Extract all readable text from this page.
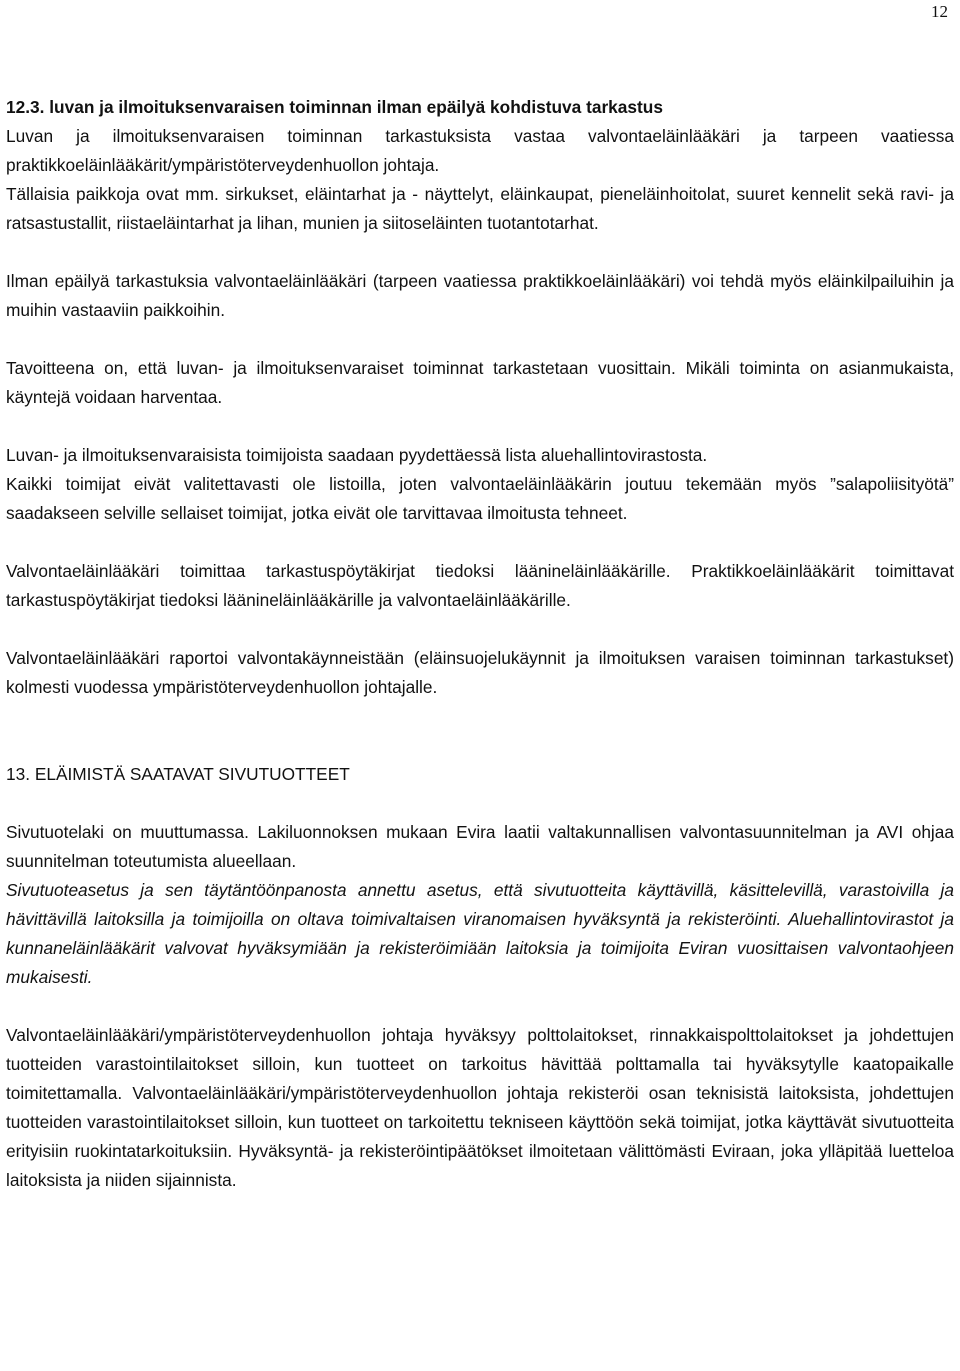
12

12.3. luvan ja ilmoituksenvaraisen toiminnan ilman epäilyä kohdistuva tarkastus

Luvan ja ilmoituksenvaraisen toiminnan tarkastuksista vastaa valvontaeläinlääkäri ja tarpeen vaatiessa praktikkoeläinlääkärit/ympäristöterveydenhuollon johtaja.

Tällaisia paikkoja ovat mm. sirkukset, eläintarhat ja - näyttelyt, eläinkaupat, pieneläinhoitolat, suuret kennelit sekä ravi- ja ratsastustallit, riistaeläintarhat ja lihan, munien ja siitoseläinten tuotantotarhat.

Ilman epäilyä tarkastuksia valvontaeläinlääkäri (tarpeen vaatiessa praktikkoeläinlääkäri) voi tehdä myös eläinkilpailuihin ja muihin vastaaviin paikkoihin.

Tavoitteena on, että luvan- ja ilmoituksenvaraiset toiminnat tarkastetaan vuosittain. Mikäli toiminta on asianmukaista, käyntejä voidaan harventaa.

Luvan- ja ilmoituksenvaraisista toimijoista saadaan pyydettäessä lista aluehallintovirastosta.

Kaikki toimijat eivät valitettavasti ole listoilla, joten valvontaeläinlääkärin joutuu tekemään myös ”salapoliisityötä” saadakseen selville sellaiset toimijat, jotka eivät ole tarvittavaa ilmoitusta tehneet.

Valvontaeläinlääkäri toimittaa tarkastuspöytäkirjat tiedoksi läänineläinlääkärille. Praktikkoeläinlääkärit toimittavat tarkastuspöytäkirjat tiedoksi läänineläinlääkärille ja valvontaeläinlääkärille.

Valvontaeläinlääkäri raportoi valvontakäynneistään (eläinsuojelukäynnit ja ilmoituksen varaisen toiminnan tarkastukset) kolmesti vuodessa ympäristöterveydenhuollon johtajalle.

13. ELÄIMISTÄ SAATAVAT SIVUTUOTTEET

Sivutuotelaki on muuttumassa. Lakiluonnoksen mukaan Evira laatii valtakunnallisen valvontasuunnitelman ja AVI ohjaa suunnitelman toteutumista alueellaan.

Sivutuoteasetus ja sen täytäntöönpanosta annettu asetus, että sivutuotteita käyttävillä, käsittelevillä, varastoivilla ja hävittävillä laitoksilla ja toimijoilla on oltava toimivaltaisen viranomaisen hyväksyntä ja rekisteröinti. Aluehallintovirastot ja kunnaneläinlääkärit valvovat hyväksymiään ja rekisteröimiään laitoksia ja toimijoita Eviran vuosittaisen valvontaohjeen mukaisesti.

Valvontaeläinlääkäri/ympäristöterveydenhuollon johtaja hyväksyy polttolaitokset, rinnakkaispolttolaitokset ja johdettujen tuotteiden varastointilaitokset silloin, kun tuotteet on tarkoitus hävittää polttamalla tai hyväksytylle kaatopaikalle toimitettamalla. Valvontaeläinlääkäri/ympäristöterveydenhuollon johtaja rekisteröi osan teknisistä laitoksista, johdettujen tuotteiden varastointilaitokset silloin, kun tuotteet on tarkoitettu tekniseen käyttöön sekä toimijat, jotka käyttävät sivutuotteita erityisiin ruokintatarkoituksiin. Hyväksyntä- ja rekisteröintipäätökset ilmoitetaan välittömästi Eviraan, joka ylläpitää luetteloa laitoksista ja niiden sijainnista.
